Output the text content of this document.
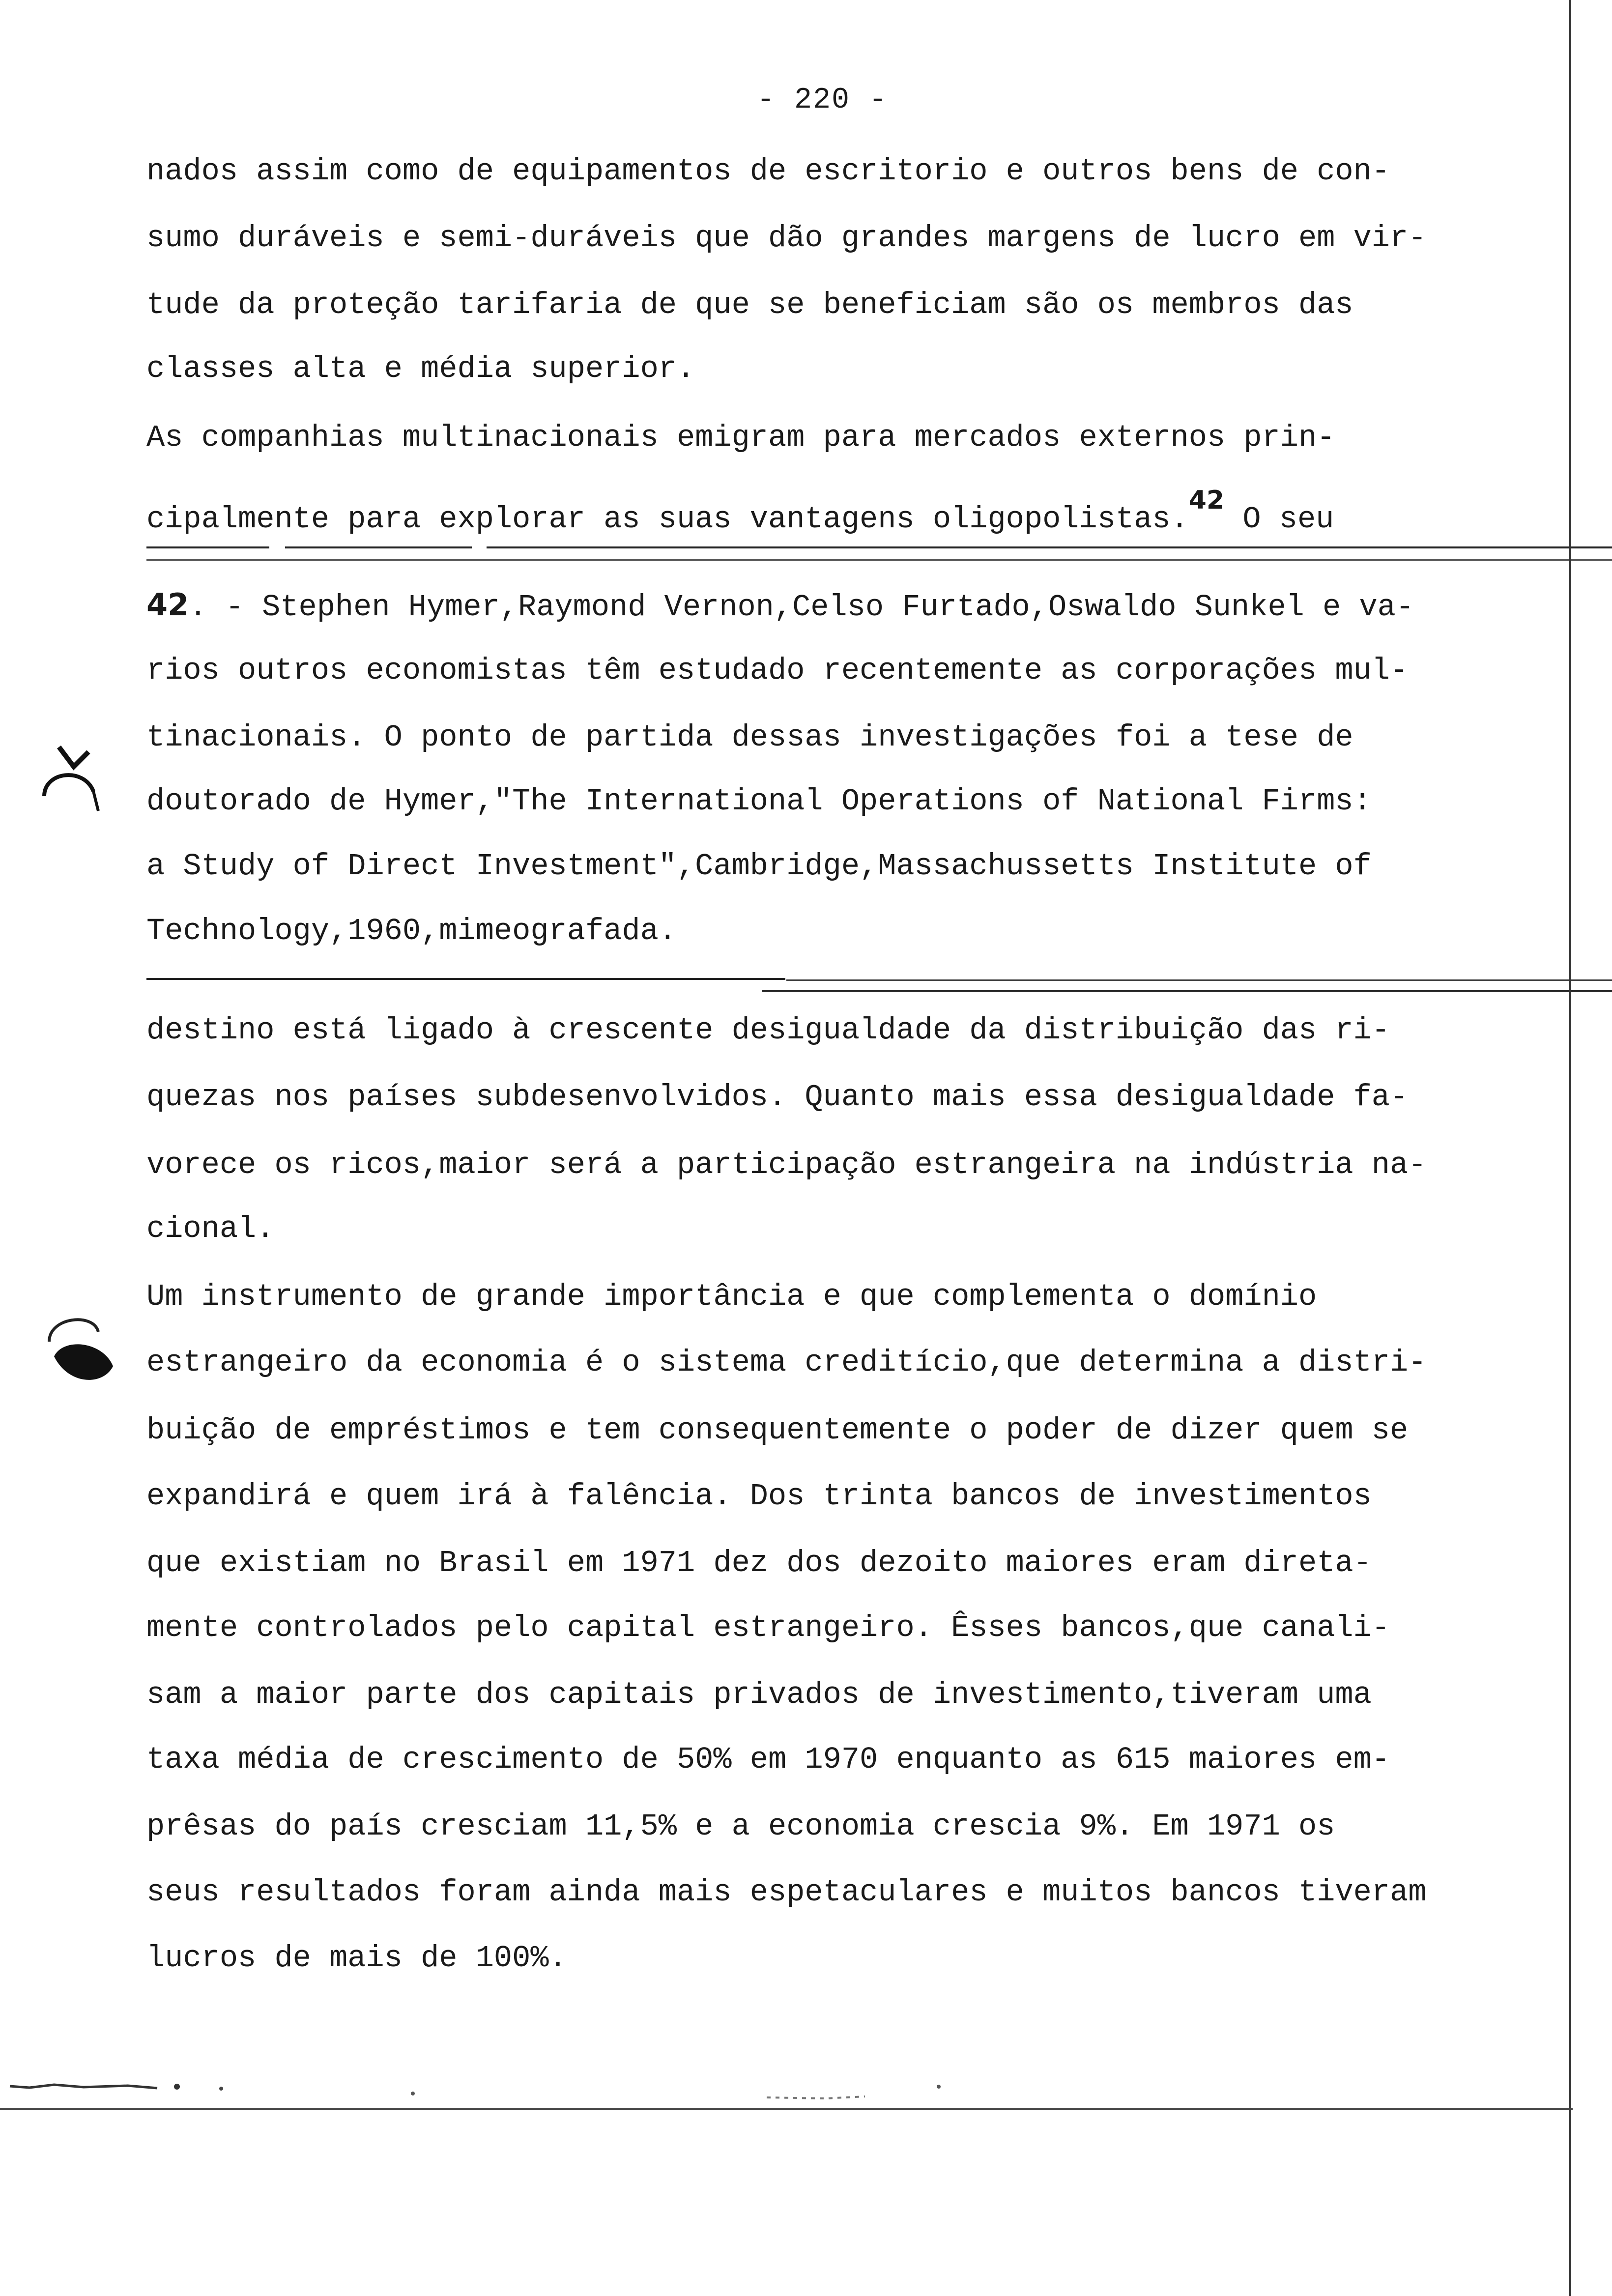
- 220 -
nados assim como de equipamentos de escritorio e outros bens de con-
sumo duráveis e semi-duráveis que dão grandes margens de lucro em vir-
tude da proteção tarifaria de que se beneficiam são os membros das
classes alta e média superior.
As companhias multinacionais emigram para mercados externos prin-
cipalmente para explorar as suas vantagens oligopolistas.$^{42}$ O seu
42. - Stephen Hymer,Raymond Vernon,Celso Furtado,Oswaldo Sunkel e va-
rios outros economistas têm estudado recentemente as corporações mul-
tinacionais. O ponto de partida dessas investigações foi a tese de
doutorado de Hymer,"The International Operations of National Firms:
a Study of Direct Investment",Cambridge,Massachussetts Institute of
Technology,1960,mimeografada.
destino está ligado à crescente desigualdade da distribuição das ri-
quezas nos países subdesenvolvidos. Quanto mais essa desigualdade fa-
vorece os ricos,maior será a participação estrangeira na indústria na-
cional.
Um instrumento de grande importância e que complementa o domínio
estrangeiro da economia é o sistema creditício,que determina a distri-
buição de empréstimos e tem consequentemente o poder de dizer quem se
expandirá e quem irá à falência. Dos trinta bancos de investimentos
que existiam no Brasil em 1971 dez dos dezoito maiores eram direta-
mente controlados pelo capital estrangeiro. Êsses bancos,que canali-
sam a maior parte dos capitais privados de investimento,tiveram uma
taxa média de crescimento de 50% em 1970 enquanto as 615 maiores em-
prêsas do país cresciam 11,5% e a economia crescia 9%. Em 1971 os
seus resultados foram ainda mais espetaculares e muitos bancos tiveram
lucros de mais de 100%.
